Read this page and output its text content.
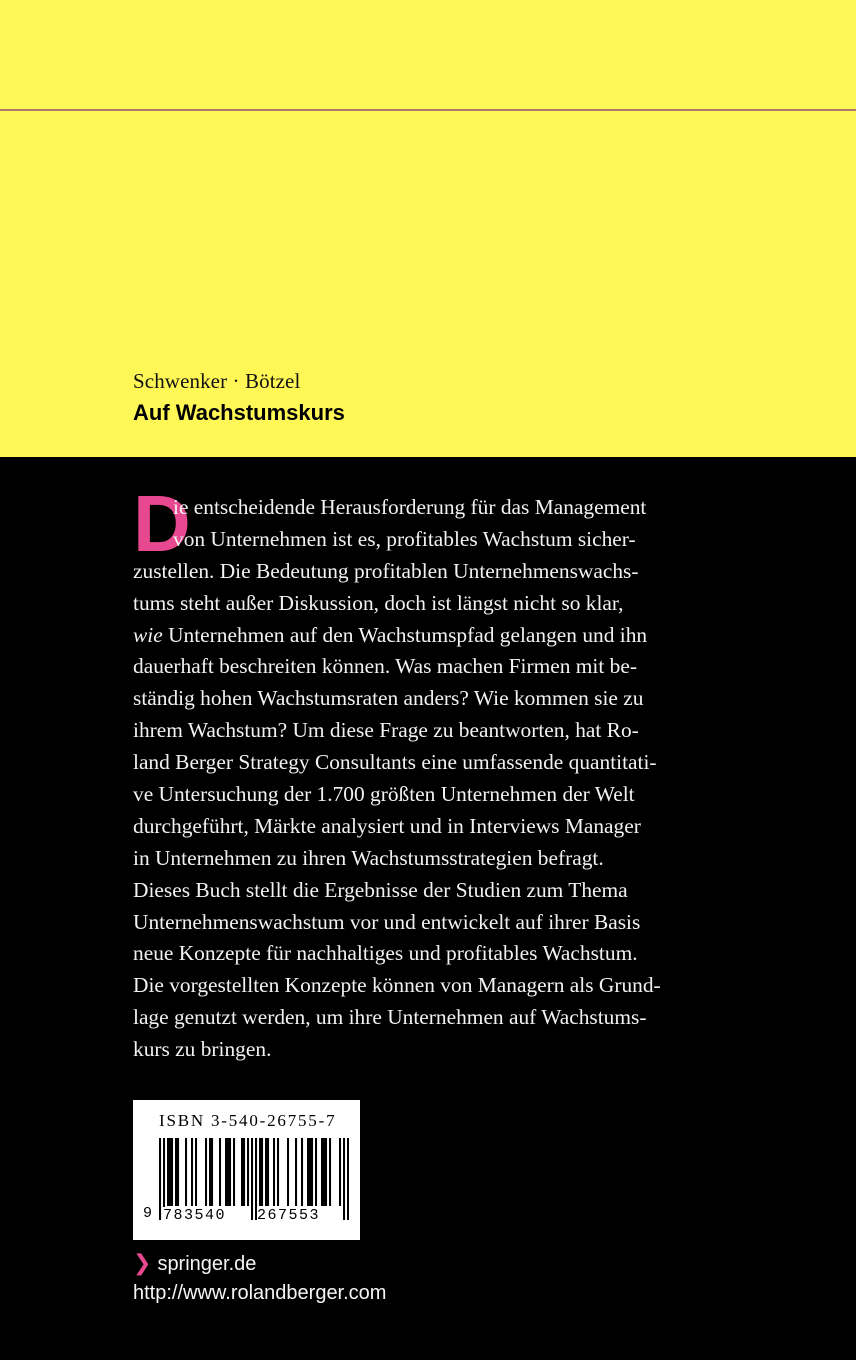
Schwenker · Bötzel
Auf Wachstumskurs
D
ie entscheidende Herausforderung für das Management
von Unternehmen ist es, profitables Wachstum sicher-
zustellen. Die Bedeutung profitablen Unternehmenswachs-
tums steht außer Diskussion, doch ist längst nicht so klar,
wie Unternehmen auf den Wachstumspfad gelangen und ihn
dauerhaft beschreiten können. Was machen Firmen mit be-
ständig hohen Wachstumsraten anders? Wie kommen sie zu
ihrem Wachstum? Um diese Frage zu beantworten, hat Ro-
land Berger Strategy Consultants eine umfassende quantitati-
ve Untersuchung der 1.700 größten Unternehmen der Welt
durchgeführt, Märkte analysiert und in Interviews Manager
in Unternehmen zu ihren Wachstumsstrategien befragt.
Dieses Buch stellt die Ergebnisse der Studien zum Thema
Unternehmenswachstum vor und entwickelt auf ihrer Basis
neue Konzepte für nachhaltiges und profitables Wachstum.
Die vorgestellten Konzepte können von Managern als Grund-
lage genutzt werden, um ihre Unternehmen auf Wachstums-
kurs zu bringen.
ISBN 3-540-26755-7
9 783540 267553
❯ springer.de
http://www.rolandberger.com
